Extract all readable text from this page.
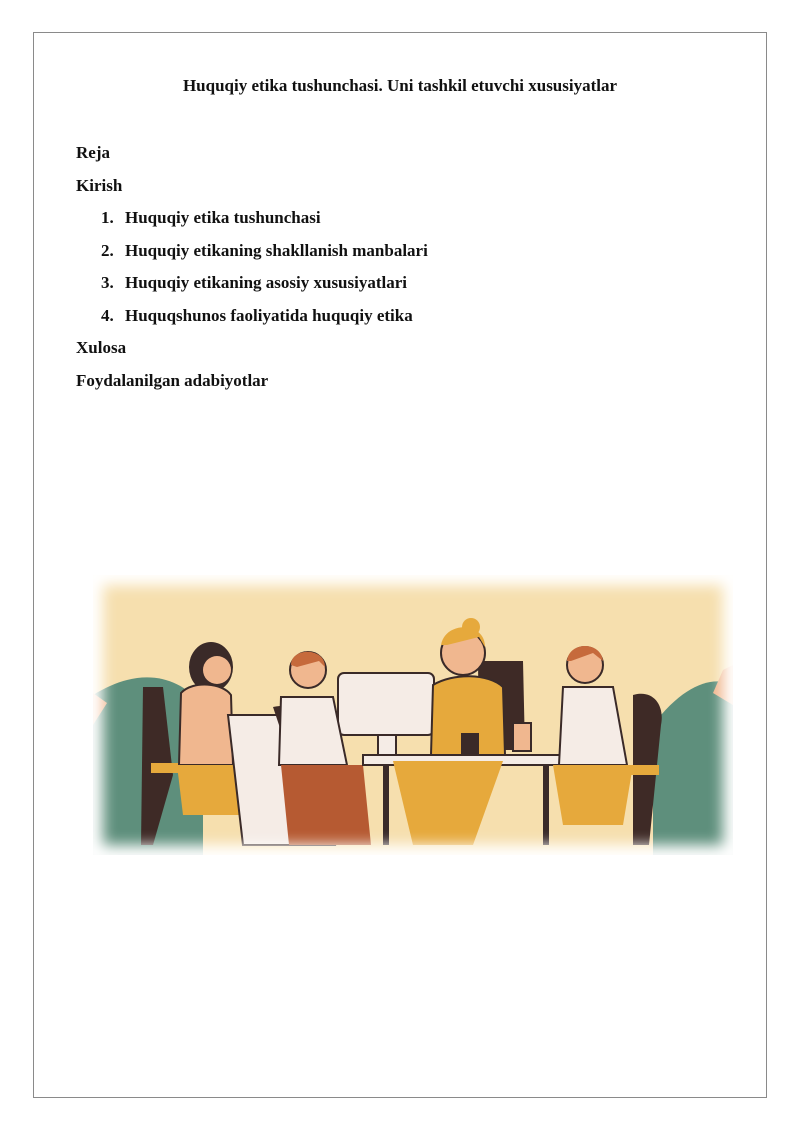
Huquqiy etika tushunchasi. Uni tashkil etuvchi xususiyatlar
Reja
Kirish
1. Huquqiy etika tushunchasi
2. Huquqiy etikaning shakllanish manbalari
3. Huquqiy etikaning asosiy xususiyatlari
4. Huquqshunos faoliyatida huquqiy etika
Xulosa
Foydalanilgan adabiyotlar
